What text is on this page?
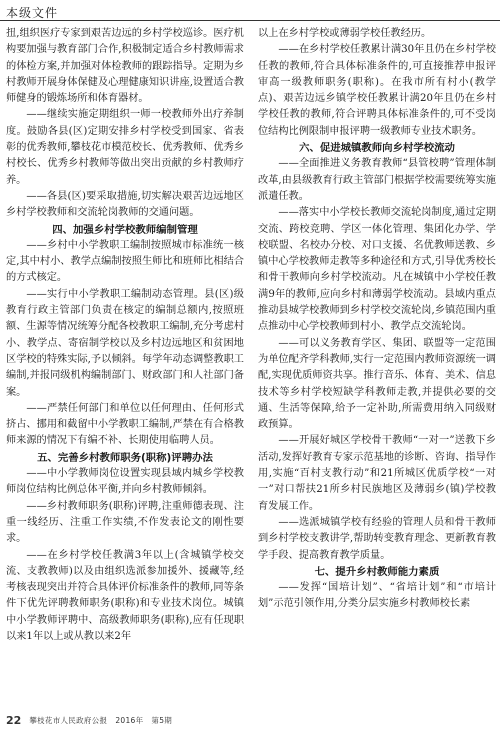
本级文件
扭,组织医疗专家到艰苦边远的乡村学校巡诊。医疗机构要加强与教育部门合作,积极制定适合乡村教师需求的体检方案,并加强对体检教师的跟踪指导。定期为乡村教师开展身体保健及心理健康知识讲座,设置适合教师健身的锻炼场所和体育器材。
——继续实施定期组织一师一校教师外出疗养制度。鼓励各县(区)定期安排乡村学校受到国家、省表彰的优秀教师,攀枝花市模范校长、优秀教师、优秀乡村校长、优秀乡村教师等做出突出贡献的乡村教师疗养。
——各县(区)要采取措施,切实解决艰苦边远地区乡村学校教师和交流轮岗教师的交通问题。
四、加强乡村学校教师编制管理
——乡村中小学教职工编制按照城市标准统一核定,其中村小、教学点编制按照生师比和班师比相结合的方式核定。
——实行中小学教职工编制动态管理。县(区)级教育行政主管部门负责在核定的编制总额内,按照班额、生源等情况统筹分配各校教职工编制,充分考虑村小、教学点、寄宿制学校以及乡村边远地区和贫困地区学校的特殊实际,予以倾斜。每学年动态调整教职工编制,并报同级机构编制部门、财政部门和人社部门备案。
——严禁任何部门和单位以任何理由、任何形式挤占、挪用和截留中小学教职工编制,严禁在有合格教师来源的情况下有编不补、长期使用临聘人员。
五、完善乡村教师职务(职称)评聘办法
——中小学教师岗位设置实现县域内城乡学校教师岗位结构比例总体平衡,并向乡村教师倾斜。
——乡村教师职务(职称)评聘,注重师德表现、注重一线经历、注重工作实绩,不作发表论文的刚性要求。
——在乡村学校任教满3年以上(含城镇学校交流、支教教师)以及由组织选派参加援外、援藏等,经考核表现突出并符合具体评价标准条件的教师,同等条件下优先评聘教师职务(职称)和专业技术岗位。城镇中小学教师评聘中、高级教师职务(职称),应有任现职以来1年以上或从教以来2年
以上在乡村学校或薄弱学校任教经历。
——在乡村学校任教累计满30年且仍在乡村学校任教的教师,符合具体标准条件的,可直接推荐申报评审高一级教师职务(职称)。在我市所有村小(教学点)、艰苦边远乡镇学校任教累计满20年且仍在乡村学校任教的教师,符合评聘具体标准条件的,可不受岗位结构比例限制申报评聘一级教师专业技术职务。
六、促进城镇教师向乡村学校流动
——全面推进义务教育教师“县管校聘”管理体制改革,由县级教育行政主管部门根据学校需要统筹实施派遣任教。
——落实中小学校长教师交流轮岗制度,通过定期交流、跨校竞聘、学区一体化管理、集团化办学、学校联盟、名校办分校、对口支援、名优教师送教、乡镇中心学校教师走教等多种途径和方式,引导优秀校长和骨干教师向乡村学校流动。凡在城镇中小学校任教满9年的教师,应向乡村和薄弱学校流动。县域内重点推动县城学校教师到乡村学校交流轮岗,乡镇范围内重点推动中心学校教师到村小、教学点交流轮岗。
——可以义务教育学区、集团、联盟等一定范围为单位配齐学科教师,实行一定范围内教师资源统一调配,实现优质师资共享。推行音乐、体育、美术、信息技术等乡村学校短缺学科教师走教,并提供必要的交通、生活等保障,给予一定补助,所需费用纳入同级财政预算。
——开展好城区学校骨干教师“一对一”送教下乡活动,发挥好教育专家示范基地的诊断、咨询、指导作用,实施“百村支教行动”和21所城区优质学校“一对一”对口帮扶21所乡村民族地区及薄弱乡(镇)学校教育发展工作。
——选派城镇学校有经验的管理人员和骨干教师到乡村学校支教讲学,帮助转变教育理念、更新教育教学手段、提高教育教学质量。
七、提升乡村教师能力素质
——发挥“国培计划”、“省培计划”和“市培计划”示范引领作用,分类分层实施乡村教师校长素
22 攀枝花市人民政府公报 2016年 第5期
